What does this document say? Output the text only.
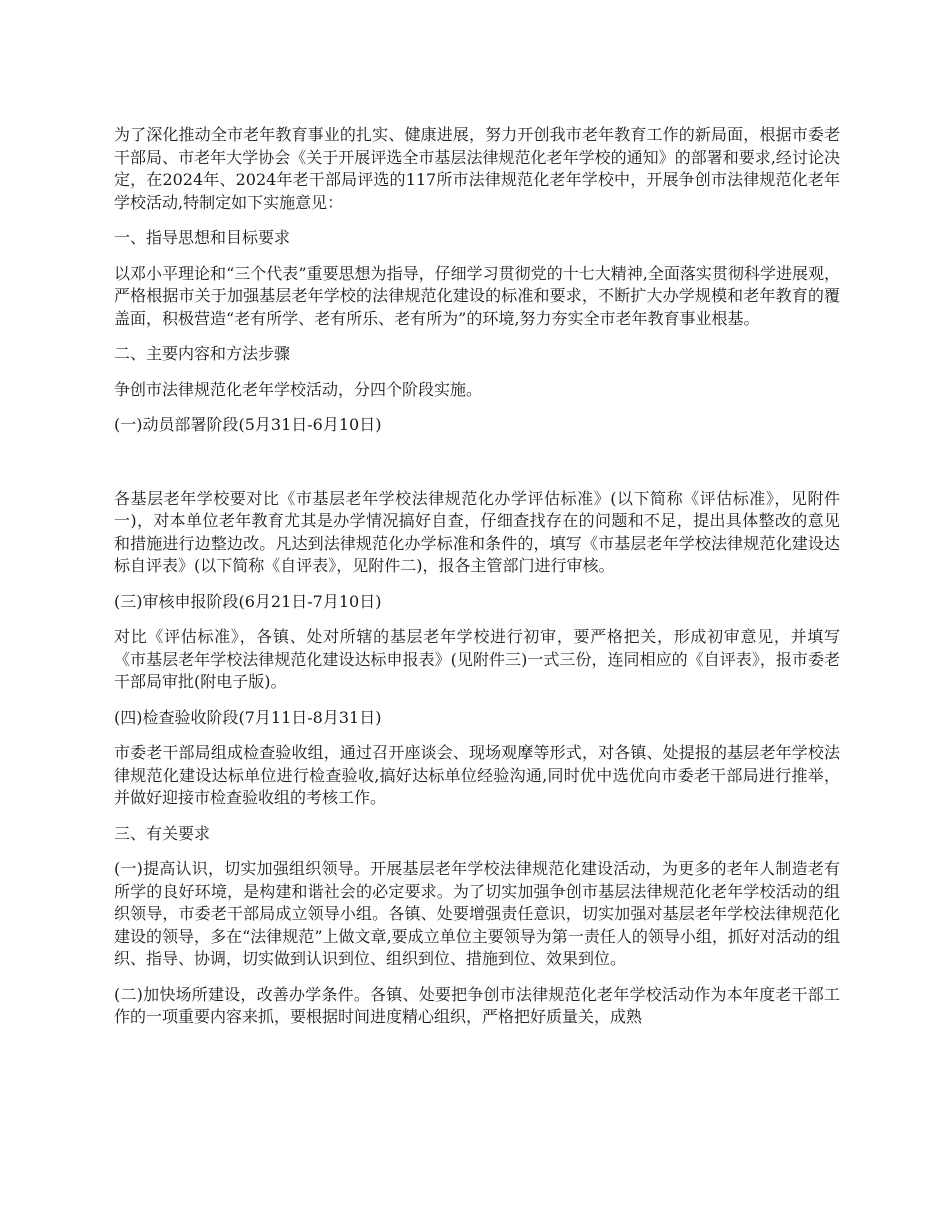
为了深化推动全市老年教育事业的扎实、健康进展，努力开创我市老年教育工作的新局面，根据市委老干部局、市老年大学协会《关于开展评选全市基层法律规范化老年学校的通知》的部署和要求,经讨论决定，在2024年、2024年老干部局评选的117所市法律规范化老年学校中，开展争创市法律规范化老年学校活动,特制定如下实施意见：

一、指导思想和目标要求

以邓小平理论和“三个代表”重要思想为指导，仔细学习贯彻党的十七大精神,全面落实贯彻科学进展观，严格根据市关于加强基层老年学校的法律规范化建设的标准和要求，不断扩大办学规模和老年教育的覆盖面，积极营造“老有所学、老有所乐、老有所为”的环境,努力夯实全市老年教育事业根基。

二、主要内容和方法步骤

争创市法律规范化老年学校活动，分四个阶段实施。

(一)动员部署阶段(5月31日-6月10日)

各基层老年学校要对比《市基层老年学校法律规范化办学评估标准》(以下简称《评估标准》，见附件一)，对本单位老年教育尤其是办学情况搞好自查，仔细查找存在的问题和不足，提出具体整改的意见和措施进行边整边改。凡达到法律规范化办学标准和条件的，填写《市基层老年学校法律规范化建设达标自评表》(以下简称《自评表》，见附件二)，报各主管部门进行审核。

(三)审核申报阶段(6月21日-7月10日)

对比《评估标准》，各镇、处对所辖的基层老年学校进行初审，要严格把关，形成初审意见，并填写《市基层老年学校法律规范化建设达标申报表》(见附件三)一式三份，连同相应的《自评表》，报市委老干部局审批(附电子版)。

(四)检查验收阶段(7月11日-8月31日)

市委老干部局组成检查验收组，通过召开座谈会、现场观摩等形式，对各镇、处提报的基层老年学校法律规范化建设达标单位进行检查验收,搞好达标单位经验沟通,同时优中选优向市委老干部局进行推举，并做好迎接市检查验收组的考核工作。

三、有关要求

(一)提高认识，切实加强组织领导。开展基层老年学校法律规范化建设活动，为更多的老年人制造老有所学的良好环境，是构建和谐社会的必定要求。为了切实加强争创市基层法律规范化老年学校活动的组织领导，市委老干部局成立领导小组。各镇、处要增强责任意识，切实加强对基层老年学校法律规范化建设的领导，多在“法律规范”上做文章,要成立单位主要领导为第一责任人的领导小组，抓好对活动的组织、指导、协调，切实做到认识到位、组织到位、措施到位、效果到位。

(二)加快场所建设，改善办学条件。各镇、处要把争创市法律规范化老年学校活动作为本年度老干部工作的一项重要内容来抓，要根据时间进度精心组织，严格把好质量关，成熟
